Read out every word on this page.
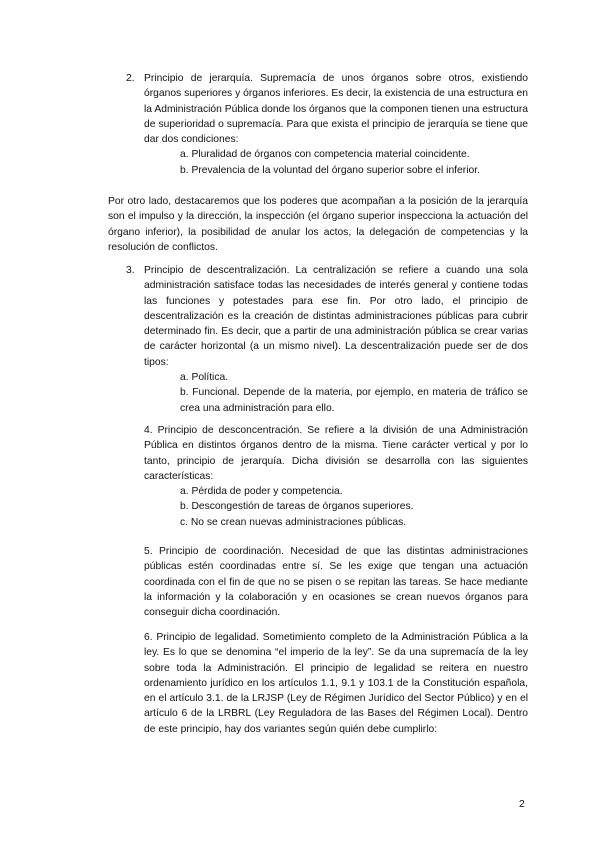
2. Principio de jerarquía. Supremacía de unos órganos sobre otros, existiendo órganos superiores y órganos inferiores. Es decir, la existencia de una estructura en la Administración Pública donde los órganos que la componen tienen una estructura de superioridad o supremacía. Para que exista el principio de jerarquía se tiene que dar dos condiciones:

a. Pluralidad de órganos con competencia material coincidente.

b. Prevalencia de la voluntad del órgano superior sobre el inferior.

Por otro lado, destacaremos que los poderes que acompañan a la posición de la jerarquía son el impulso y la dirección, la inspección (el órgano superior inspecciona la actuación del órgano inferior), la posibilidad de anular los actos, la delegación de competencias y la resolución de conflictos.

3. Principio de descentralización. La centralización se refiere a cuando una sola administración satisface todas las necesidades de interés general y contiene todas las funciones y potestades para ese fin. Por otro lado, el principio de descentralización es la creación de distintas administraciones públicas para cubrir determinado fin. Es decir, que a partir de una administración pública se crear varias de carácter horizontal (a un mismo nivel). La descentralización puede ser de dos tipos:

a. Política.

b. Funcional. Depende de la materia, por ejemplo, en materia de tráfico se crea una administración para ello.

4. Principio de desconcentración. Se refiere a la división de una Administración Pública en distintos órganos dentro de la misma. Tiene carácter vertical y por lo tanto, principio de jerarquía. Dicha división se desarrolla con las siguientes características:

a. Pérdida de poder y competencia.

b. Descongestión de tareas de órganos superiores.

c. No se crean nuevas administraciones públicas.

5. Principio de coordinación. Necesidad de que las distintas administraciones públicas estén coordinadas entre sí. Se les exige que tengan una actuación coordinada con el fin de que no se pisen o se repitan las tareas. Se hace mediante la información y la colaboración y en ocasiones se crean nuevos órganos para conseguir dicha coordinación.

6. Principio de legalidad. Sometimiento completo de la Administración Pública a la ley. Es lo que se denomina “el imperio de la ley”. Se da una supremacía de la ley sobre toda la Administración. El principio de legalidad se reitera en nuestro ordenamiento jurídico en los artículos 1.1, 9.1 y 103.1 de la Constitución española, en el artículo 3.1. de la LRJSP (Ley de Régimen Jurídico del Sector Público) y en el artículo 6 de la LRBRL (Ley Reguladora de las Bases del Régimen Local). Dentro de este principio, hay dos variantes según quién debe cumplirlo:

2
